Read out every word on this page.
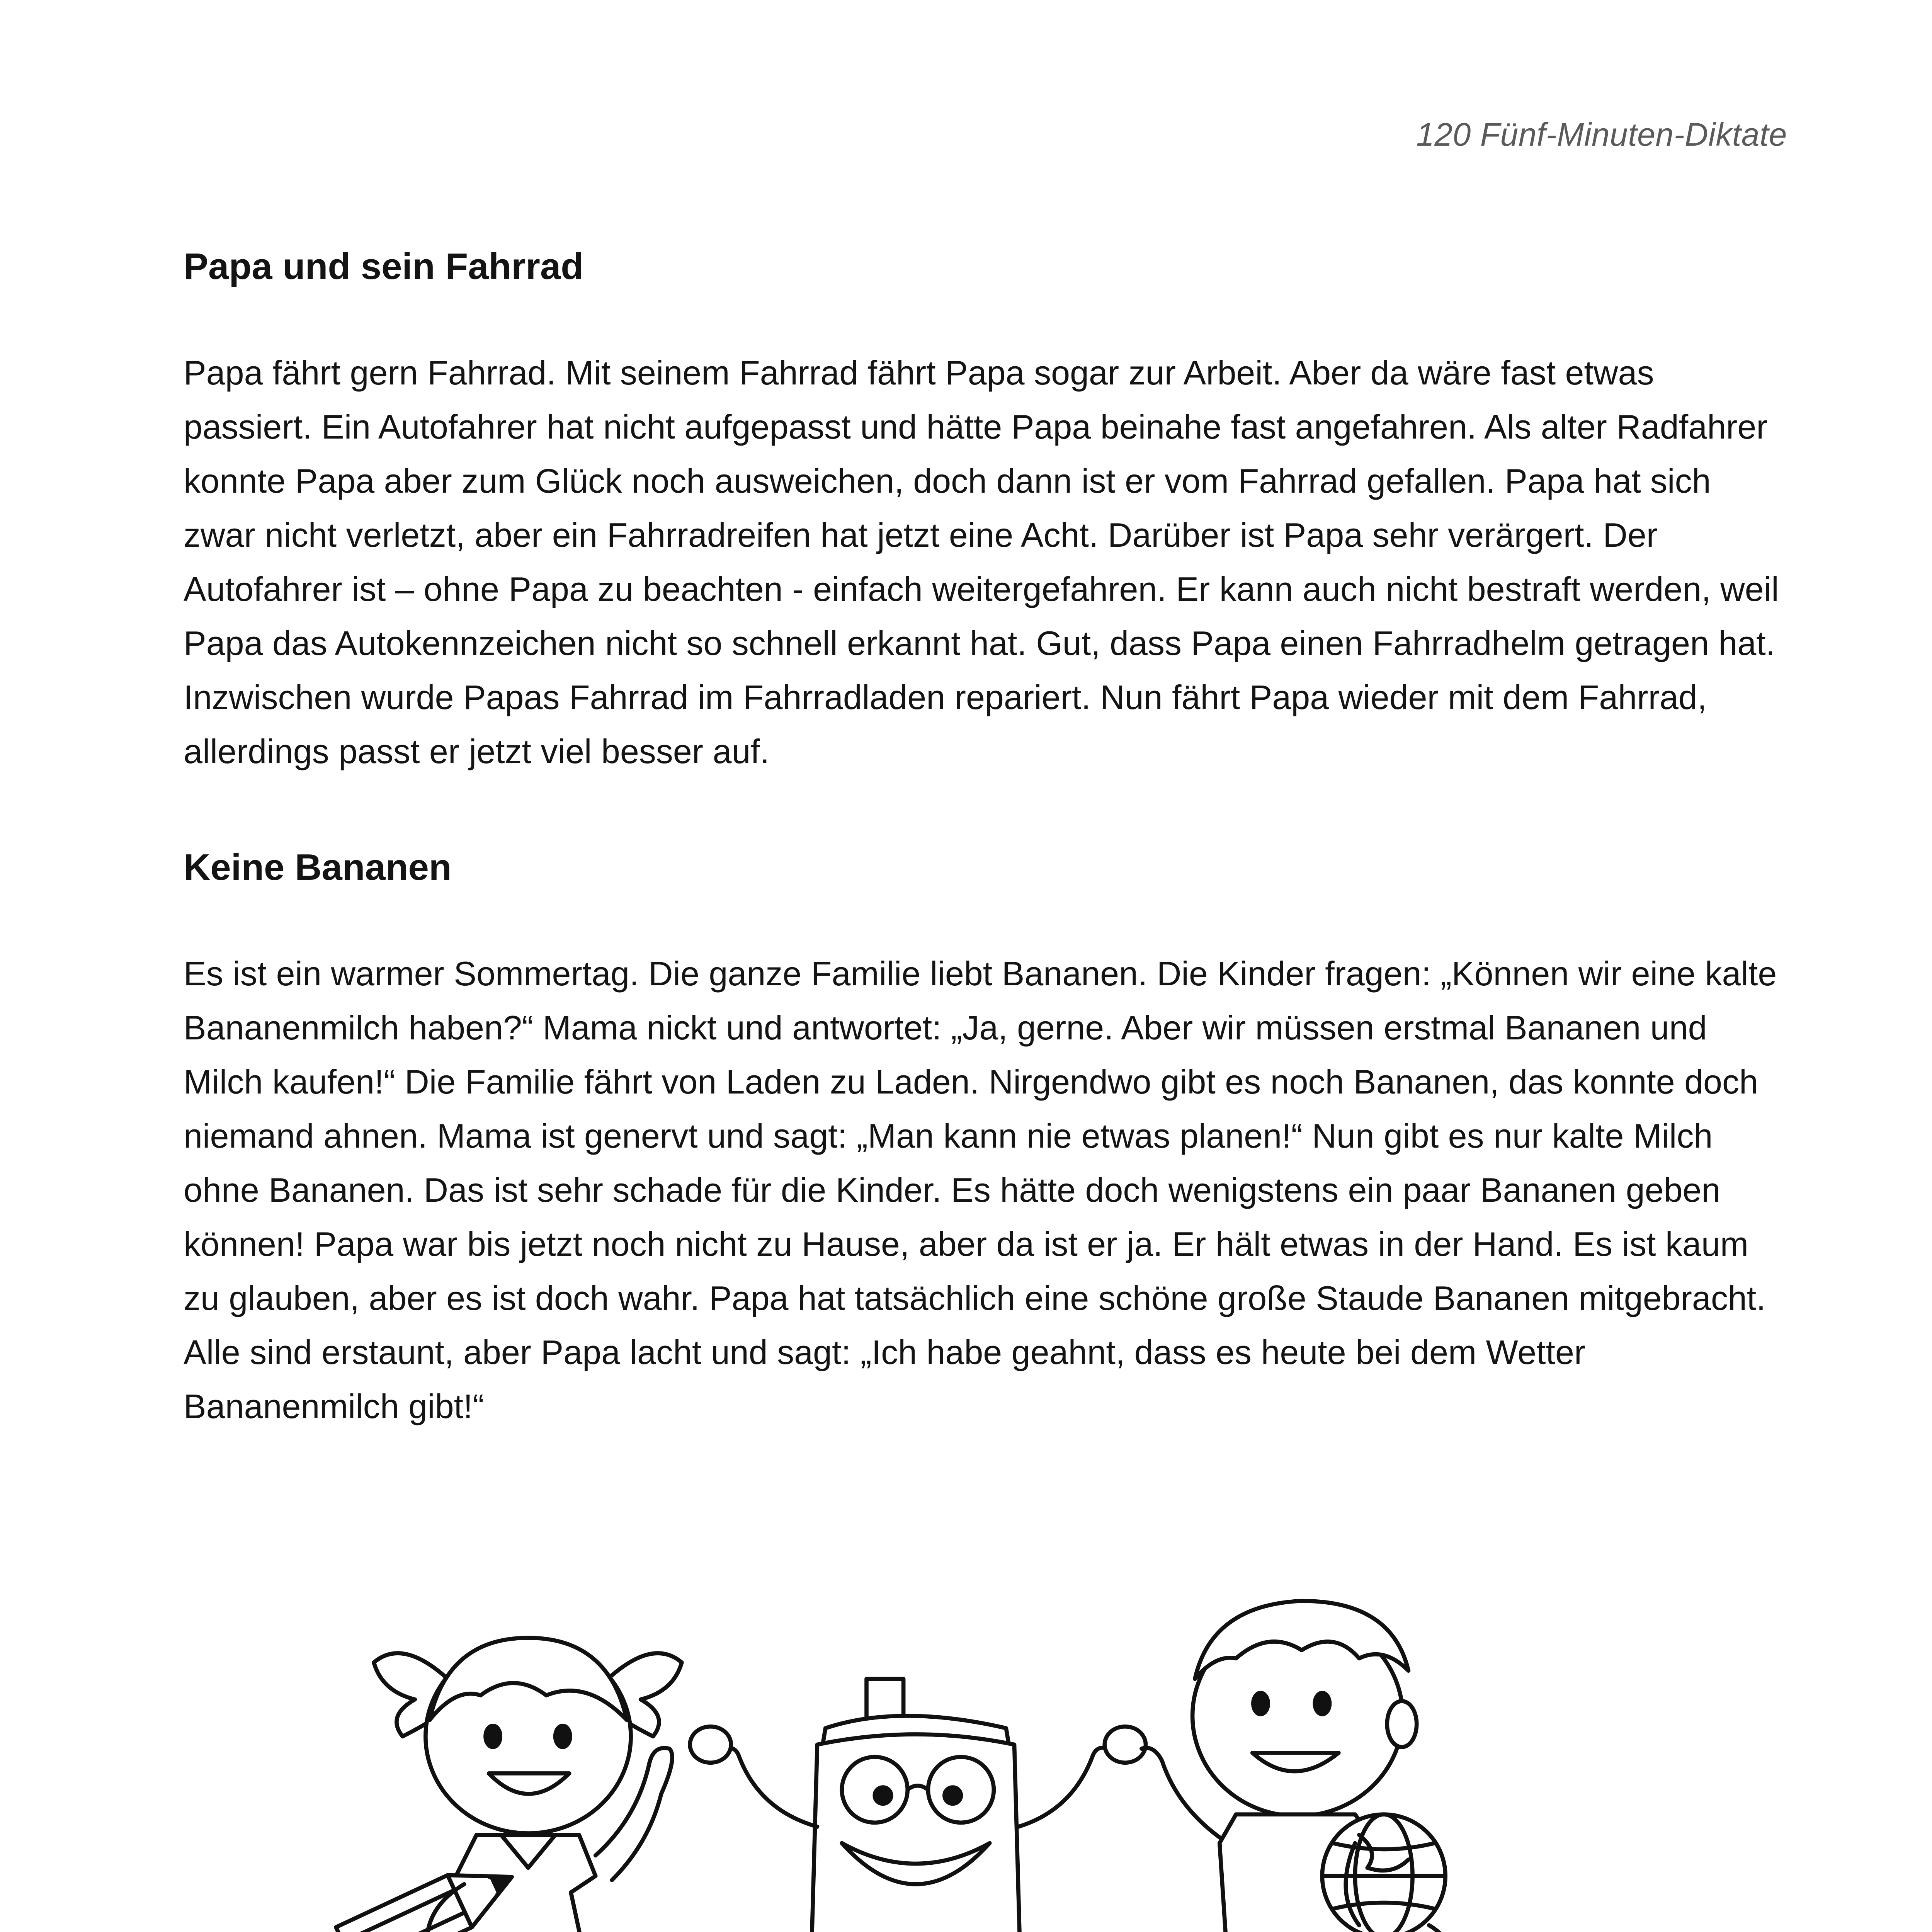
120 Fünf-Minuten-Diktate
Papa und sein Fahrrad

Papa fährt gern Fahrrad. Mit seinem Fahrrad fährt Papa sogar zur Arbeit. Aber da wäre fast etwas passiert. Ein Autofahrer hat nicht aufgepasst und hätte Papa beinahe fast angefahren. Als alter Radfahrer konnte Papa aber zum Glück noch ausweichen, doch dann ist er vom Fahrrad gefallen. Papa hat sich zwar nicht verletzt, aber ein Fahrradreifen hat jetzt eine Acht. Darüber ist Papa sehr verärgert. Der Autofahrer ist – ohne Papa zu beachten - einfach weitergefahren. Er kann auch nicht bestraft werden, weil Papa das Autokennzeichen nicht so schnell erkannt hat. Gut, dass Papa einen Fahrradhelm getragen hat. Inzwischen wurde Papas Fahrrad im Fahrradladen repariert. Nun fährt Papa wieder mit dem Fahrrad, allerdings passt er jetzt viel besser auf.

Keine Bananen

Es ist ein warmer Sommertag. Die ganze Familie liebt Bananen. Die Kinder fragen: „Können wir eine kalte Bananenmilch haben?“ Mama nickt und antwortet: „Ja, gerne. Aber wir müssen erstmal Bananen und Milch kaufen!“ Die Familie fährt von Laden zu Laden. Nirgendwo gibt es noch Bananen, das konnte doch niemand ahnen. Mama ist genervt und sagt: „Man kann nie etwas planen!“ Nun gibt es nur kalte Milch ohne Bananen. Das ist sehr schade für die Kinder. Es hätte doch wenigstens ein paar Bananen geben können! Papa war bis jetzt noch nicht zu Hause, aber da ist er ja. Er hält etwas in der Hand. Es ist kaum zu glauben, aber es ist doch wahr. Papa hat tatsächlich eine schöne große Staude Bananen mitgebracht. Alle sind erstaunt, aber Papa lacht und sagt: „Ich habe geahnt, dass es heute bei dem Wetter Bananenmilch gibt!“
